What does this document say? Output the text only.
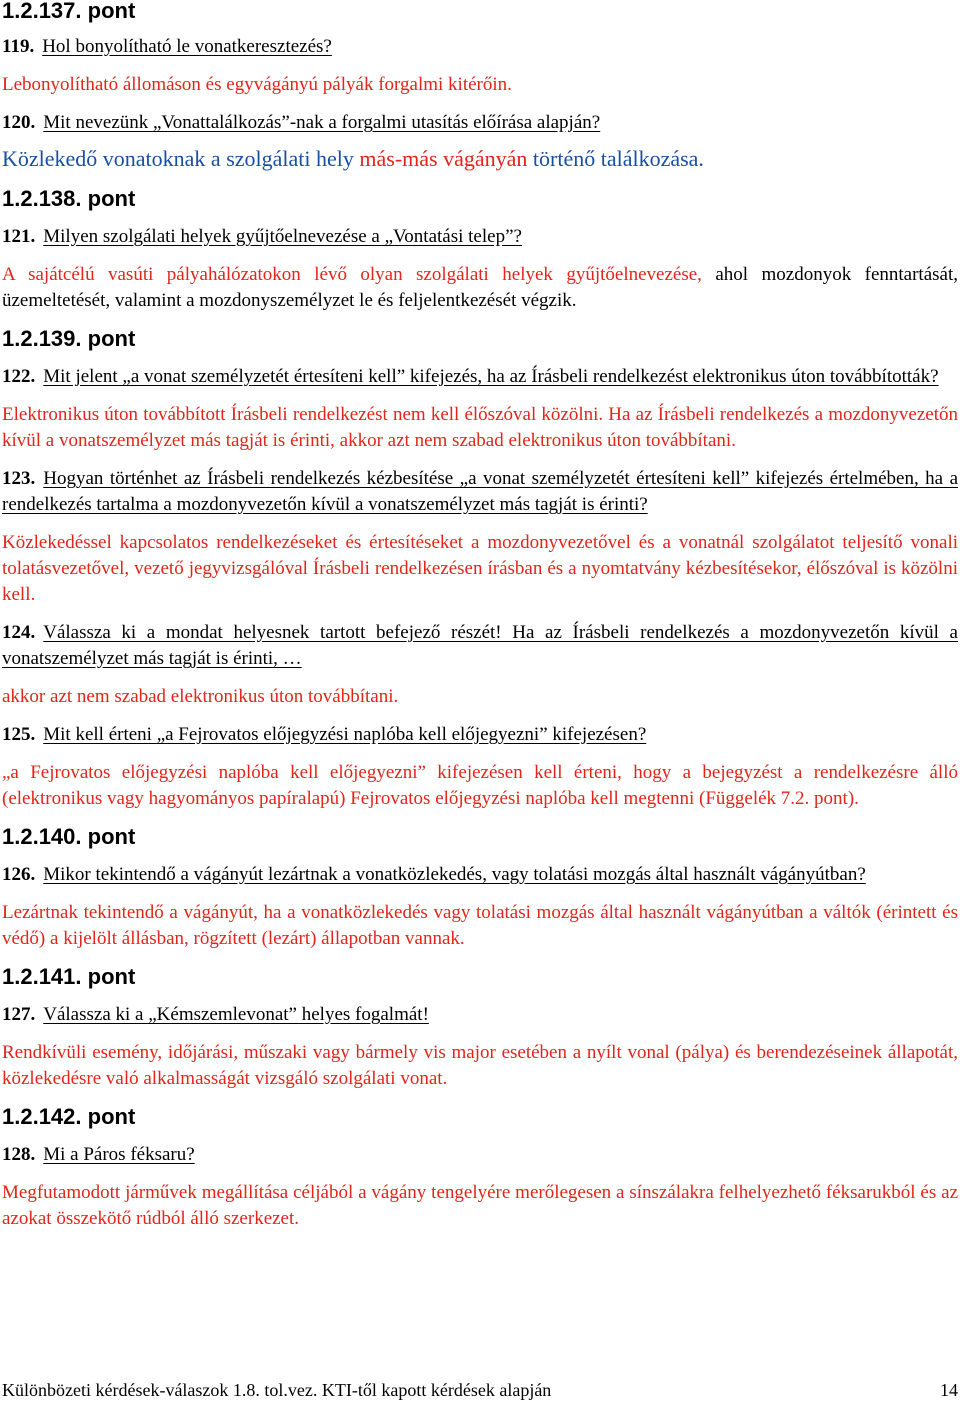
1.2.137. pont

119. Hol bonyolítható le vonatkeresztezés?

Lebonyolítható állomáson és egyvágányú pályák forgalmi kitérőin.

120. Mit nevezünk „Vonattalálkozás”-nak a forgalmi utasítás előírása alapján?

Közlekedő vonatoknak a szolgálati hely más-más vágányán történő találkozása.

1.2.138. pont

121. Milyen szolgálati helyek gyűjtőelnevezése a „Vontatási telep”?

A sajátcélú vasúti pályahálózatokon lévő olyan szolgálati helyek gyűjtőelnevezése, ahol mozdonyok fenntartását, üzemeltetését, valamint a mozdonyszemélyzet le és feljelentkezését végzik.

1.2.139. pont

122. Mit jelent „a vonat személyzetét értesíteni kell” kifejezés, ha az Írásbeli rendelkezést elektronikus úton továbbították?

Elektronikus úton továbbított Írásbeli rendelkezést nem kell élőszóval közölni. Ha az Írásbeli rendelkezés a mozdonyvezetőn kívül a vonatszemélyzet más tagját is érinti, akkor azt nem szabad elektronikus úton továbbítani.

123. Hogyan történhet az Írásbeli rendelkezés kézbesítése „a vonat személyzetét értesíteni kell” kifejezés értelmében, ha a rendelkezés tartalma a mozdonyvezetőn kívül a vonatszemélyzet más tagját is érinti?

Közlekedéssel kapcsolatos rendelkezéseket és értesítéseket a mozdonyvezetővel és a vonatnál szolgálatot teljesítő vonali tolatásvezetővel, vezető jegyvizsgálóval Írásbeli rendelkezésen írásban és a nyomtatvány kézbesítésekor, élőszóval is közölni kell.

124. Válassza ki a mondat helyesnek tartott befejező részét! Ha az Írásbeli rendelkezés a mozdonyvezetőn kívül a vonatszemélyzet más tagját is érinti, …

akkor azt nem szabad elektronikus úton továbbítani.

125. Mit kell érteni „a Fejrovatos előjegyzési naplóba kell előjegyezni” kifejezésen?

„a Fejrovatos előjegyzési naplóba kell előjegyezni” kifejezésen kell érteni, hogy a bejegyzést a rendelkezésre álló (elektronikus vagy hagyományos papíralapú) Fejrovatos előjegyzési naplóba kell megtenni (Függelék 7.2. pont).

1.2.140. pont

126. Mikor tekintendő a vágányút lezártnak a vonatközlekedés, vagy tolatási mozgás által használt vágányútban?

Lezártnak tekintendő a vágányút, ha a vonatközlekedés vagy tolatási mozgás által használt vágányútban a váltók (érintett és védő) a kijelölt állásban, rögzített (lezárt) állapotban vannak.

1.2.141. pont

127. Válassza ki a „Kémszemlevonat” helyes fogalmát!

Rendkívüli esemény, időjárási, műszaki vagy bármely vis major esetében a nyílt vonal (pálya) és berendezéseinek állapotát, közlekedésre való alkalmasságát vizsgáló szolgálati vonat.

1.2.142. pont

128. Mi a Páros féksaru?

Megfutamodott járművek megállítása céljából a vágány tengelyére merőlegesen a sínszálakra felhelyezhető féksarukból és az azokat összekötő rúdból álló szerkezet.

Különbözeti kérdések-válaszok 1.8. tol.vez. KTI-től kapott kérdések alapján	14
